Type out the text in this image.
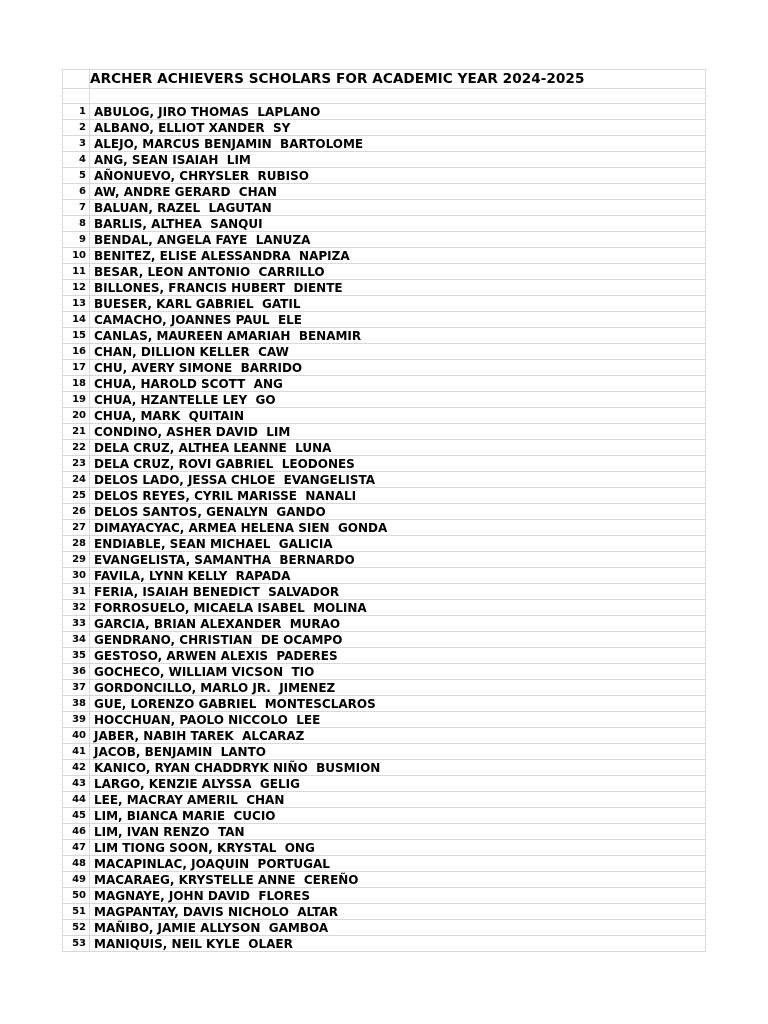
	ARCHER ACHIEVERS SCHOLARS FOR ACADEMIC YEAR 2024-2025

1	ABULOG, JIRO THOMAS  LAPLANO
2	ALBANO, ELLIOT XANDER  SY
3	ALEJO, MARCUS BENJAMIN  BARTOLOME
4	ANG, SEAN ISAIAH  LIM
5	AÑONUEVO, CHRYSLER  RUBISO
6	AW, ANDRE GERARD  CHAN
7	BALUAN, RAZEL  LAGUTAN
8	BARLIS, ALTHEA  SANQUI
9	BENDAL, ANGELA FAYE  LANUZA
10	BENITEZ, ELISE ALESSANDRA  NAPIZA
11	BESAR, LEON ANTONIO  CARRILLO
12	BILLONES, FRANCIS HUBERT  DIENTE
13	BUESER, KARL GABRIEL  GATIL
14	CAMACHO, JOANNES PAUL  ELE
15	CANLAS, MAUREEN AMARIAH  BENAMIR
16	CHAN, DILLION KELLER  CAW
17	CHU, AVERY SIMONE  BARRIDO
18	CHUA, HAROLD SCOTT  ANG
19	CHUA, HZANTELLE LEY  GO
20	CHUA, MARK  QUITAIN
21	CONDINO, ASHER DAVID  LIM
22	DELA CRUZ, ALTHEA LEANNE  LUNA
23	DELA CRUZ, ROVI GABRIEL  LEODONES
24	DELOS LADO, JESSA CHLOE  EVANGELISTA
25	DELOS REYES, CYRIL MARISSE  NANALI
26	DELOS SANTOS, GENALYN  GANDO
27	DIMAYACYAC, ARMEA HELENA SIEN  GONDA
28	ENDIABLE, SEAN MICHAEL  GALICIA
29	EVANGELISTA, SAMANTHA  BERNARDO
30	FAVILA, LYNN KELLY  RAPADA
31	FERIA, ISAIAH BENEDICT  SALVADOR
32	FORROSUELO, MICAELA ISABEL  MOLINA
33	GARCIA, BRIAN ALEXANDER  MURAO
34	GENDRANO, CHRISTIAN  DE OCAMPO
35	GESTOSO, ARWEN ALEXIS  PADERES
36	GOCHECO, WILLIAM VICSON  TIO
37	GORDONCILLO, MARLO JR.  JIMENEZ
38	GUE, LORENZO GABRIEL  MONTESCLAROS
39	HOCCHUAN, PAOLO NICCOLO  LEE
40	JABER, NABIH TAREK  ALCARAZ
41	JACOB, BENJAMIN  LANTO
42	KANICO, RYAN CHADDRYK NIÑO  BUSMION
43	LARGO, KENZIE ALYSSA  GELIG
44	LEE, MACRAY AMERIL  CHAN
45	LIM, BIANCA MARIE  CUCIO
46	LIM, IVAN RENZO  TAN
47	LIM TIONG SOON, KRYSTAL  ONG
48	MACAPINLAC, JOAQUIN  PORTUGAL
49	MACARAEG, KRYSTELLE ANNE  CEREÑO
50	MAGNAYE, JOHN DAVID  FLORES
51	MAGPANTAY, DAVIS NICHOLO  ALTAR
52	MAÑIBO, JAMIE ALLYSON  GAMBOA
53	MANIQUIS, NEIL KYLE  OLAER
